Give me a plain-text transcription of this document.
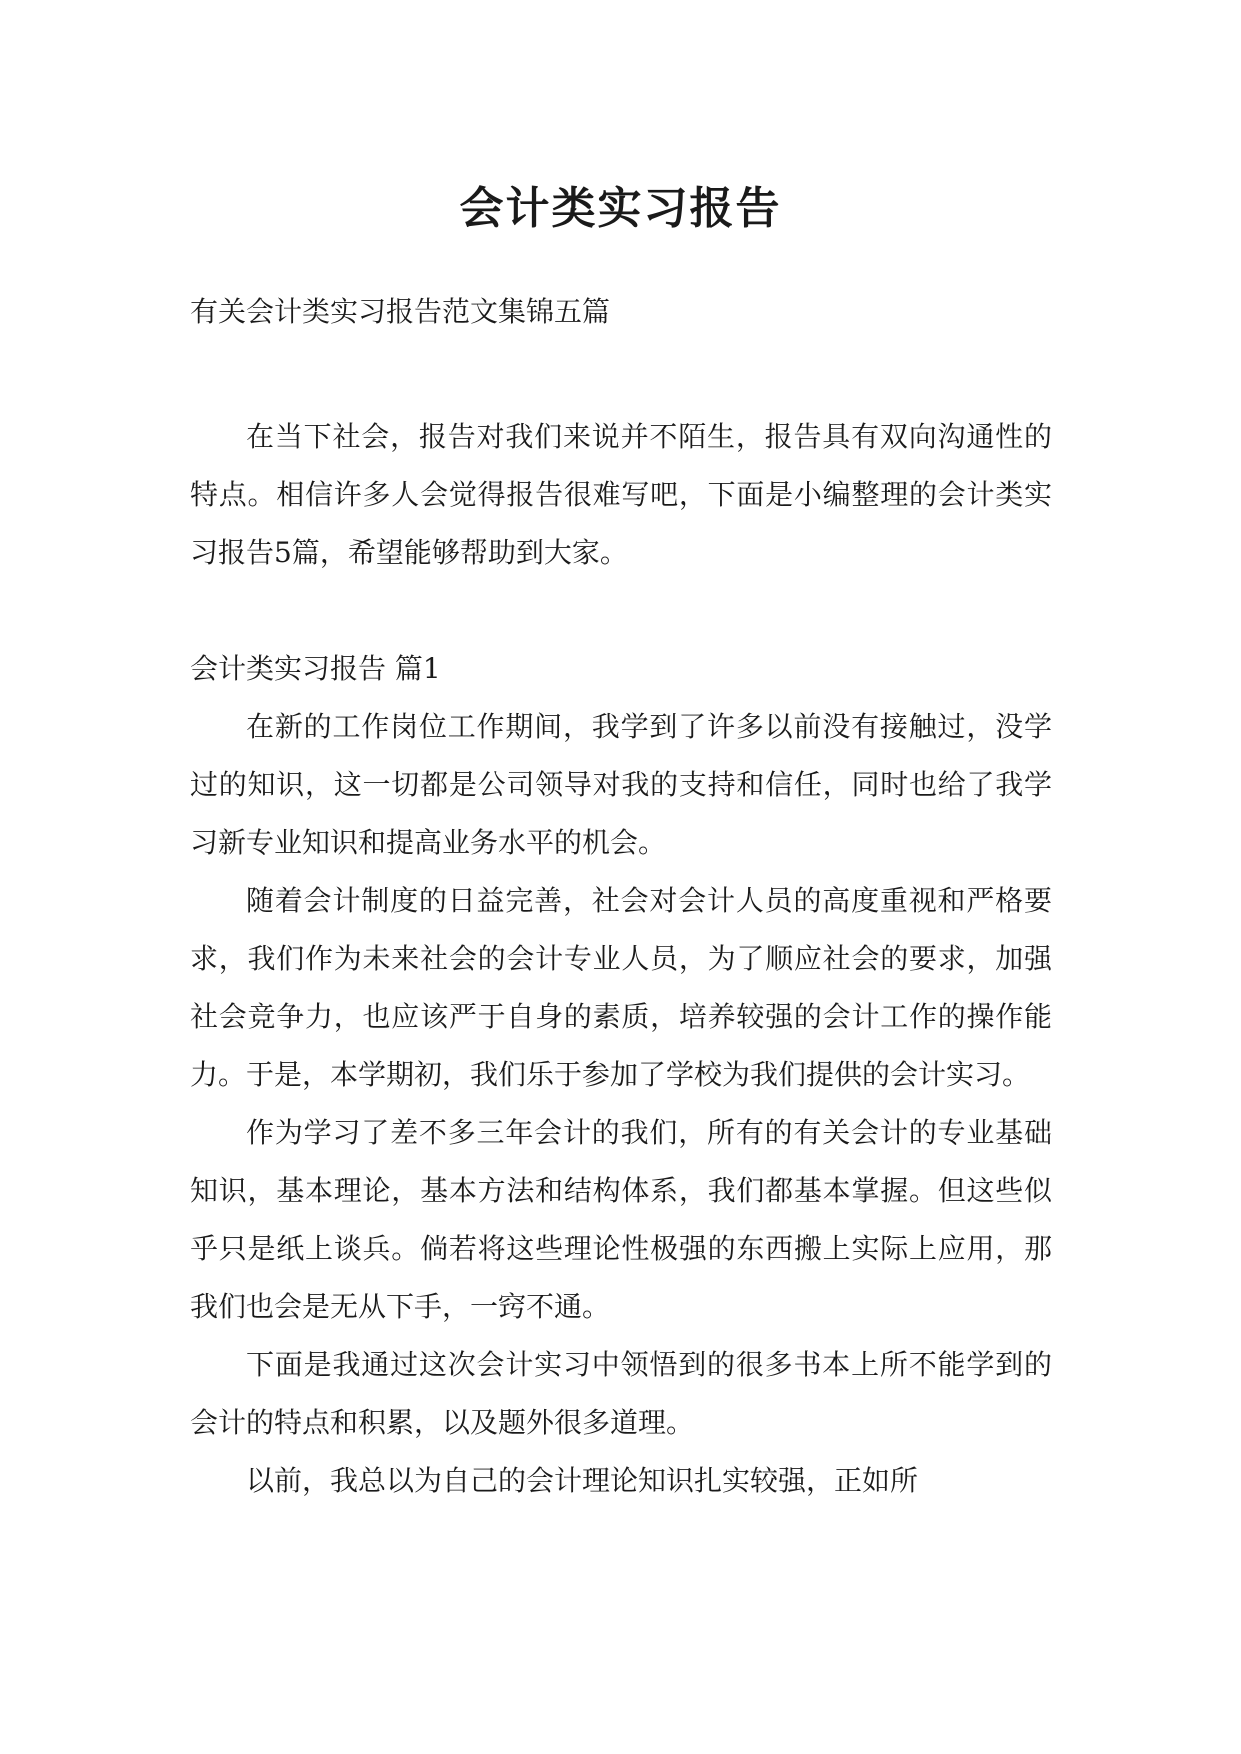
会计类实习报告
有关会计类实习报告范文集锦五篇

在当下社会，报告对我们来说并不陌生，报告具有双向沟通性的特点。相信许多人会觉得报告很难写吧，下面是小编整理的会计类实习报告5篇，希望能够帮助到大家。

会计类实习报告 篇1

在新的工作岗位工作期间，我学到了许多以前没有接触过，没学过的知识，这一切都是公司领导对我的支持和信任，同时也给了我学习新专业知识和提高业务水平的机会。

随着会计制度的日益完善，社会对会计人员的高度重视和严格要求，我们作为未来社会的会计专业人员，为了顺应社会的要求，加强社会竞争力，也应该严于自身的素质，培养较强的会计工作的操作能力。于是，本学期初，我们乐于参加了学校为我们提供的会计实习。

作为学习了差不多三年会计的我们，所有的有关会计的专业基础知识，基本理论，基本方法和结构体系，我们都基本掌握。但这些似乎只是纸上谈兵。倘若将这些理论性极强的东西搬上实际上应用，那我们也会是无从下手，一窍不通。

下面是我通过这次会计实习中领悟到的很多书本上所不能学到的会计的特点和积累，以及题外很多道理。

以前，我总以为自己的会计理论知识扎实较强，正如所
